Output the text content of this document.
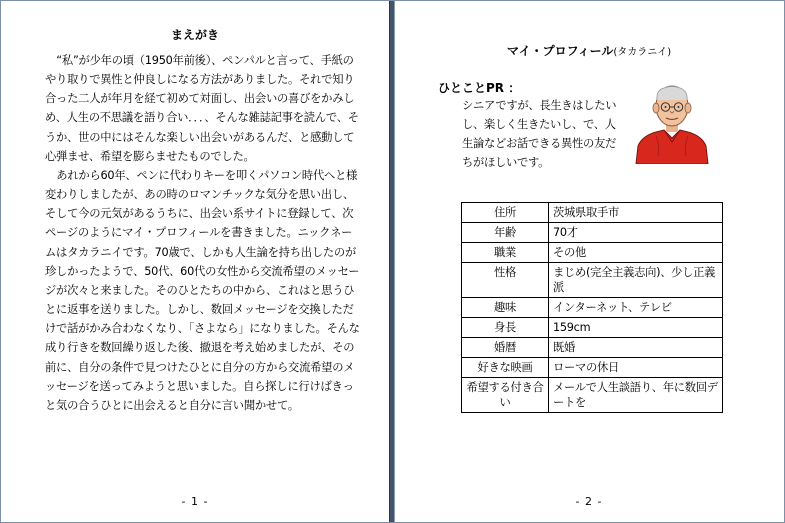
まえがき

“私”が少年の頃（1950年前後）、ペンパルと言って、手紙のやり取りで異性と仲良しになる方法がありました。それで知り合った二人が年月を経て初めて対面し、出会いの喜びをかみしめ、人生の不思議を語り合い．．．、そんな雑誌記事を読んで、そうか、世の中にはそんな楽しい出会いがあるんだ、と感動して心弾ませ、希望を膨らませたものでした。

あれから60年、ペンに代わりキーを叩くパソコン時代へと様変わりしましたが、あの時のロマンチックな気分を思い出し、そして今の元気があるうちに、出会い系サイトに登録して、次ページのようにマイ・プロフィールを書きました。ニックネームはタカラニイです。70歳で、しかも人生論を持ち出したのが珍しかったようで、50代、60代の女性から交流希望のメッセージが次々と来ました。そのひとたちの中から、これはと思うひとに返事を送りました。しかし、数回メッセージを交換しただけで話がかみ合わなくなり、「さよなら」になりました。そんな成り行きを数回繰り返した後、撤退を考え始めましたが、その前に、自分の条件で見つけたひとに自分の方から交流希望のメッセージを送ってみようと思いました。自ら探しに行けばきっと気の合うひとに出会えると自分に言い聞かせて。

- 1 -
マイ・プロフィール(タカラニイ)
ひとことPR ：
シニアですが、長生きはしたいし、楽しく生きたいし、で、人生論などお話できる異性の友だちがほしいです。
住所	茨城県取手市
年齢	70才
職業	その他
性格	まじめ(完全主義志向)、少し正義派
趣味	インターネット、テレビ
身長	159cm
婚暦	既婚
好きな映画	ローマの休日
希望する付き合い	メールで人生談語り、年に数回デートを
- 2 -
